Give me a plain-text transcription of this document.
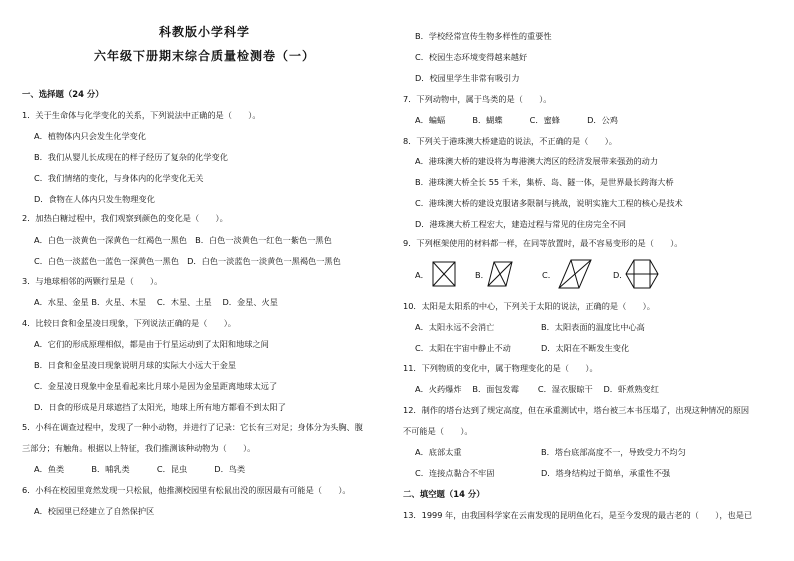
科教版小学科学
六年级下册期末综合质量检测卷（一）
一、选择题（24 分）
1．关于生命体与化学变化的关系，下列说法中正确的是（　　）。
A．植物体内只会发生化学变化
B．我们从婴儿长成现在的样子经历了复杂的化学变化
C．我们情绪的变化，与身体内的化学变化无关
D．食物在人体内只发生物理变化
2．加热白糖过程中，我们观察到颜色的变化是（　　）。
A．白色一淡黄色一深黄色一红褐色一黑色　B．白色一淡黄色一红色一紫色一黑色
C．白色一淡蓝色一蓝色一深黄色一黑色　D．白色一淡蓝色一淡黄色一黑褐色一黑色
3．与地球相邻的两颗行星是（　　）。
A．水星、金星 B．火星、木星　 C．木星、土星　 D．金星、火星
4．比较日食和金星凌日现象，下列说法正确的是（　　）。
A．它们的形成原理相似，都是由于行星运动到了太阳和地球之间
B．日食和金星凌日现象说明月球的实际大小远大于金星
C．金星凌日现象中金星看起来比月球小是因为金星距离地球太远了
D．日食的形成是月球遮挡了太阳光，地球上所有地方都看不到太阳了
5．小科在调查过程中，发现了一种小动物，并进行了记录：它长有三对足；身体分为头胸、腹
三部分；有触角。根据以上特征，我们推测该种动物为（　　）。
A．鱼类　　　 B．哺乳类　　　 C．昆虫　　　 D．鸟类
6．小科在校园里竟然发现一只松鼠，他推测校园里有松鼠出没的原因最有可能是（　　）。
A．校园里已经建立了自然保护区
B．学校经常宣传生物多样性的重要性
C．校园生态环境变得越来越好
D．校园里学生非常有吸引力
7．下列动物中，属于鸟类的是（　　）。
A．蝙蝠　　　 B．蝴蝶　　　 C．蜜蜂　　　 D．公鸡
8．下列关于港珠澳大桥建造的说法，不正确的是（　　）。
A．港珠澳大桥的建设将为粤港澳大湾区的经济发展带来强劲的动力
B．港珠澳大桥全长 55 千米，集桥、岛、隧一体，是世界最长跨海大桥
C．港珠澳大桥的建设克服诸多限制与挑战，说明实施大工程的核心是技术
D．港珠澳大桥工程宏大，建造过程与常见的住房完全不同
9．下列框架使用的材料都一样，在同等放置时，最不容易变形的是（　　）。
A．	B．	C．	D．
10．太阳是太阳系的中心，下列关于太阳的说法，正确的是（　　）。
A．太阳永远不会消亡	B．太阳表面的温度比中心高
C．太阳在宇宙中静止不动	D．太阳在不断发生变化
11．下列物质的变化中，属于物理变化的是（　　）。
A．火药爆炸　 B．面包发霉　　 C．湿衣服晾干　 D．虾煮熟变红
12．制作的塔台达到了规定高度，但在承重测试中，塔台被三本书压塌了，出现这种情况的原因
不可能是（　　）。
A．底部太重	B．塔台底部高度不一，导致受力不均匀
C．连接点黏合不牢固	D．塔身结构过于简单，承重性不强
二、填空题（14 分）
13．1999 年，由我国科学家在云南发现的昆明鱼化石，是至今发现的最古老的（　　），也是已
